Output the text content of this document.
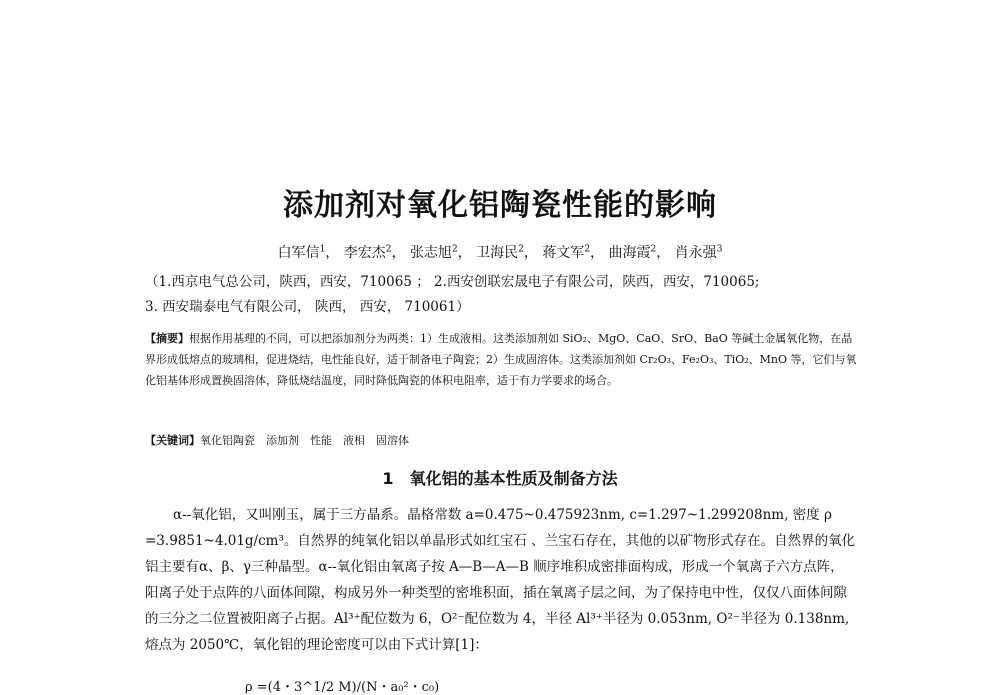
添加剂对氧化铝陶瓷性能的影响
白军信$^1$， 李宏杰$^2$， 张志旭$^2$， 卫海民$^2$， 蒋文军$^2$， 曲海霞$^2$， 肖永强$^3$
（1.西京电气总公司，陕西，西安，710065 ； 2.西安创联宏晟电子有限公司，陕西，西安，710065;
3. 西安瑞泰电气有限公司， 陕西， 西安， 710061）
【摘要】根据作用基理的不同，可以把添加剂分为两类：1）生成液相。这类添加剂如 SiO₂、MgO、CaO、SrO、BaO 等碱土金属氧化物，在晶界形成低熔点的玻璃相，促进烧结，电性能良好，适于制备电子陶瓷；2）生成固溶体。这类添加剂如 Cr₂O₃、Fe₂O₃、TiO₂、MnO 等，它们与氧化铝基体形成置换固溶体，降低烧结温度，同时降低陶瓷的体积电阻率，适于有力学要求的场合。
【关键词】氧化铝陶瓷　添加剂　性能　液相　固溶体
1　 氧化铝的基本性质及制备方法
α--氧化铝，又叫刚玉，属于三方晶系。晶格常数 a=0.475~0.475923nm, c=1.297~1.299208nm, 密度 ρ =3.9851~4.01g/cm³。自然界的纯氧化铝以单晶形式如红宝石 、兰宝石存在，其他的以矿物形式存在。自然界的氧化铝主要有α、β、γ三种晶型。α--氧化铝由氧离子按 A—B—A—B 顺序堆积成密排面构成，形成一个氧离子六方点阵，阳离子处于点阵的八面体间隙，构成另外一种类型的密堆积面，插在氧离子层之间，为了保持电中性，仅仅八面体间隙的三分之二位置被阳离子占据。Al³⁺配位数为 6，O²⁻配位数为 4，半径 Al³⁺半径为 0.053nm, O²⁻半径为 0.138nm,熔点为 2050℃，氧化铝的理论密度可以由下式计算[1]：
ρ =(4・3^1/2 M)/(N・a₀²・c₀)
